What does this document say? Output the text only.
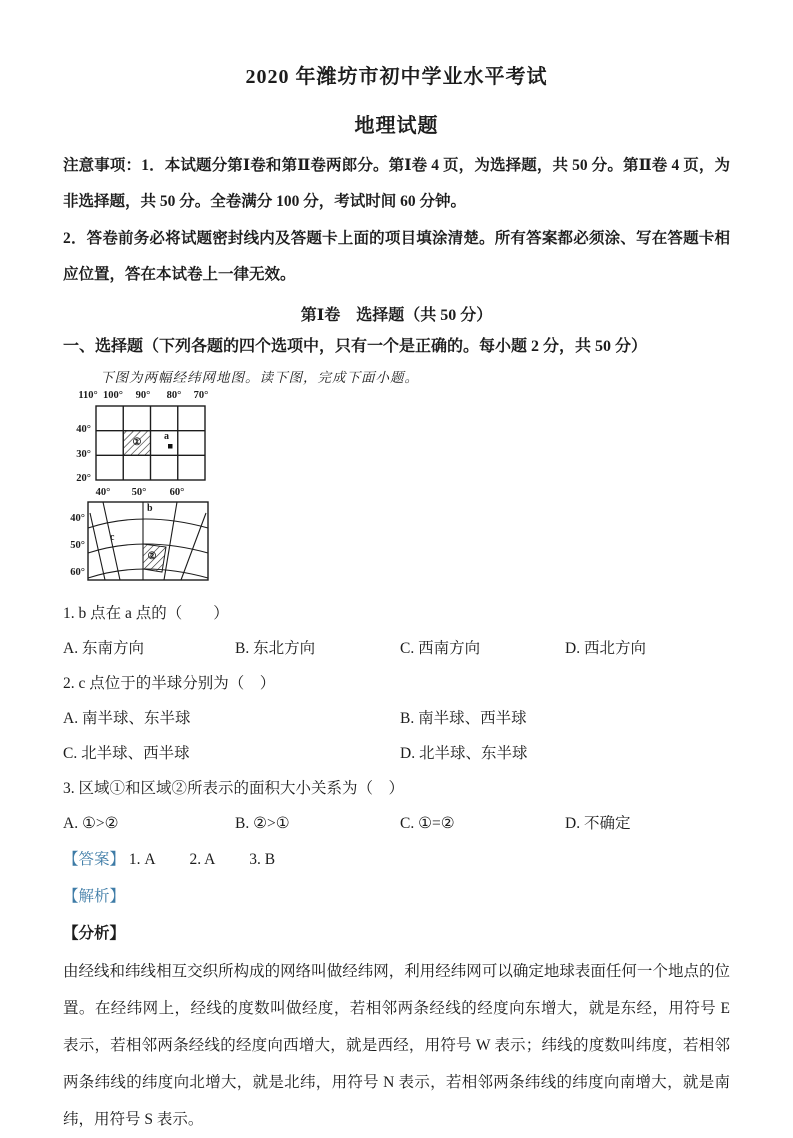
2020 年潍坊市初中学业水平考试
地理试题

注意事项：1．本试题分第Ⅰ卷和第Ⅱ卷两郎分。第Ⅰ卷 4 页，为选择题，共 50 分。第Ⅱ卷 4 页，为非选择题，共 50 分。全卷满分 100 分，考试时间 60 分钟。

2．答卷前务必将试题密封线内及答题卡上面的项目填涂清楚。所有答案都必须涂、写在答题卡相应位置，答在本试卷上一律无效。

第Ⅰ卷　选择题（共 50 分）
一、选择题（下列各题的四个选项中，只有一个是正确的。每小题 2 分，共 50 分）

下图为两幅经纬网地图。读下图，完成下面小题。

110° 100°	90°	80°	70°
40°
30°
20°
①
a
40°	50°	60°
40°
50°
60°
b
c
②
1. b 点在 a 点的（　　）
A. 东南方向	B. 东北方向	C. 西南方向	D. 西北方向
2. c 点位于的半球分别为（　）
A. 南半球、东半球	B. 南半球、西半球
C. 北半球、西半球	D. 北半球、东半球
3. 区域①和区域②所表示的面积大小关系为（　）
A. ①>②	B. ②>①	C. ①=②	D. 不确定
【答案】 1. A 2. A 3. B
【解析】
【分析】

由经线和纬线相互交织所构成的网络叫做经纬网，利用经纬网可以确定地球表面任何一个地点的位置。在经纬网上，经线的度数叫做经度，若相邻两条经线的经度向东增大，就是东经，用符号 E 表示，若相邻两条经线的经度向西增大，就是西经，用符号 W 表示；纬线的度数叫纬度，若相邻两条纬线的纬度向北增大，就是北纬，用符号 N 表示，若相邻两条纬线的纬度向南增大，就是南纬，用符号 S 表示。
